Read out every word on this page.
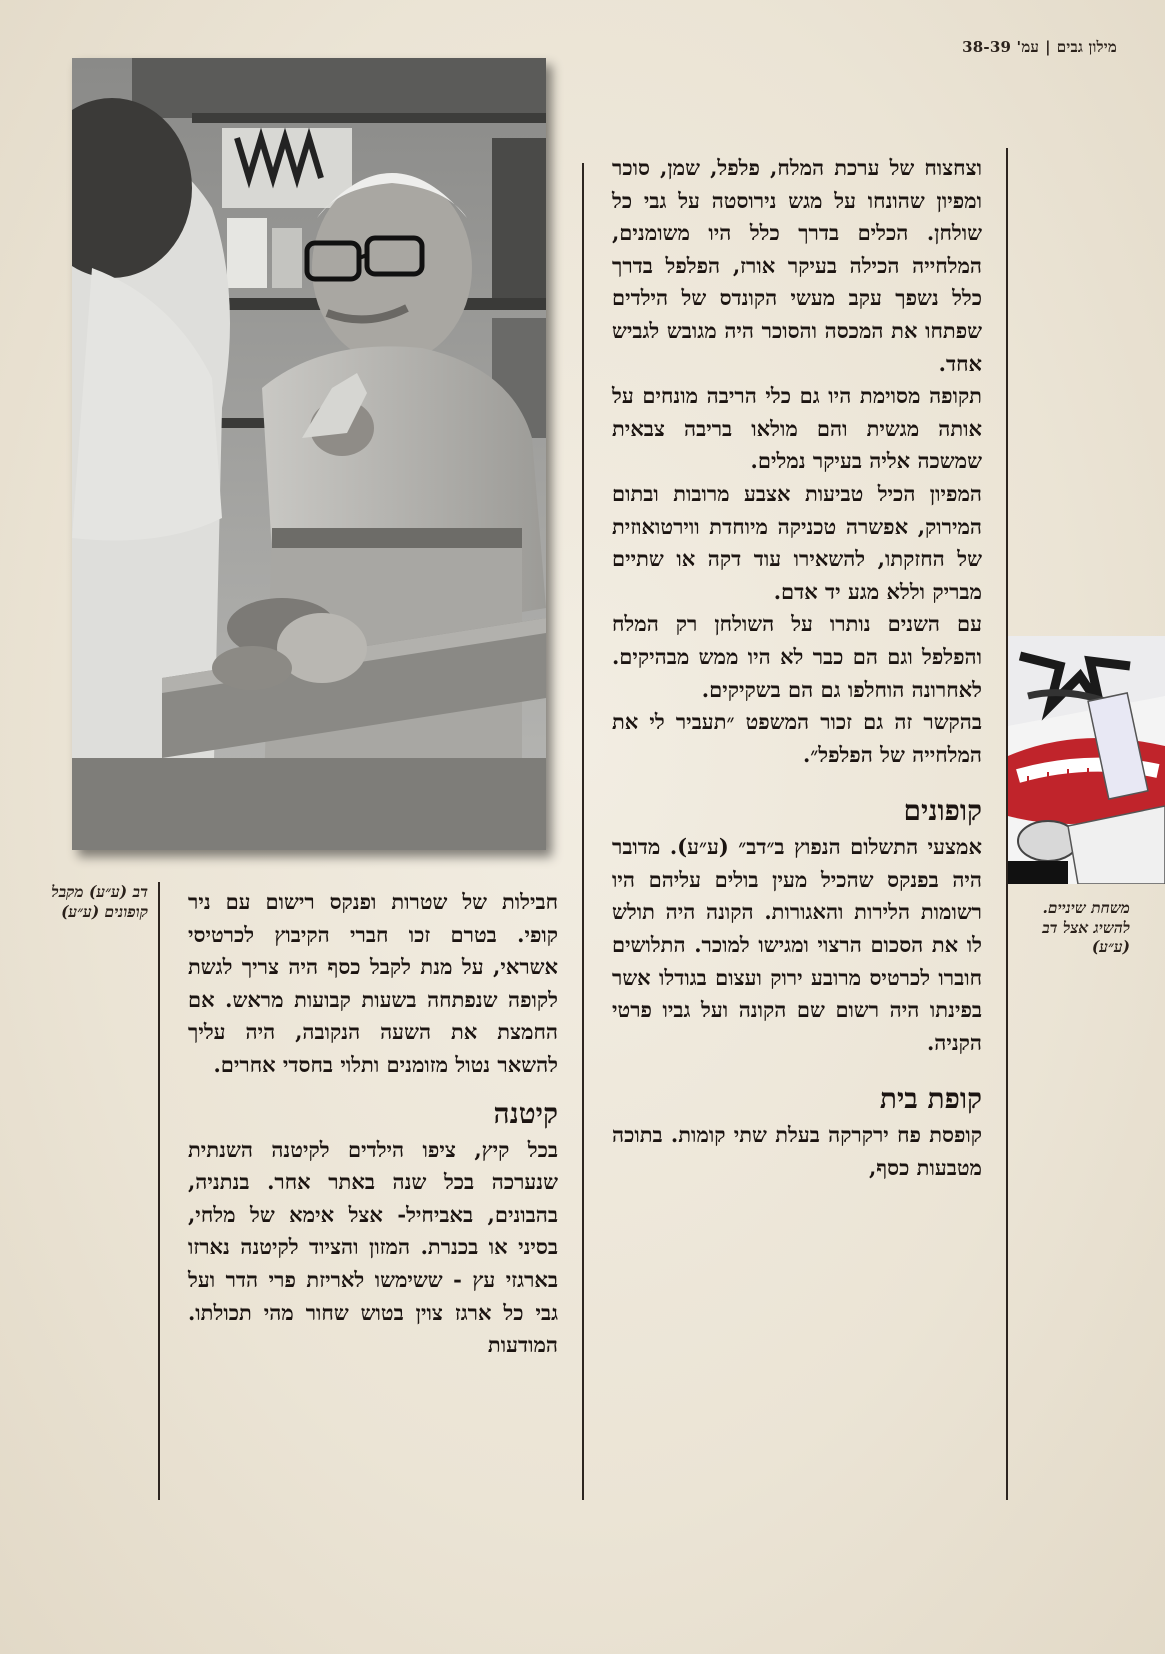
מילון גבים|עמ' 38-39
דב (ע״ע) מקבל קופונים (ע״ע)	משחת שיניים. להשיג אצל דב (ע״ע)

וצחצוח של ערכת המלח, פלפל, שמן, סוכר ומפיון שהונחו על מגש נירוסטה על גבי כל שולחן. הכלים בדרך כלל היו משומנים, המלחייה הכילה בעיקר אורז, הפלפל בדרך כלל נשפך עקב מעשי הקונדס של הילדים שפתחו את המכסה והסוכר היה מגובש לגביש אחד.

תקופה מסוימת היו גם כלי הריבה מונחים על אותה מגשית והם מולאו בריבה צבאית שמשכה אליה בעיקר נמלים.

המפיון הכיל טביעות אצבע מרובות ובתום המירוק, אפשרה טכניקה מיוחדת ווירטואוזית של החזקתו, להשאירו עוד דקה או שתיים מבריק וללא מגע יד אדם.

עם השנים נותרו על השולחן רק המלח והפלפל וגם הם כבר לא היו ממש מבהיקים. לאחרונה הוחלפו גם הם בשקיקים.

בהקשר זה גם זכור המשפט ״תעביר לי את המלחייה של הפלפל״.

קופונים

אמצעי התשלום הנפוץ ב״דב״ (ע״ע). מדובר היה בפנקס שהכיל מעין בולים עליהם היו רשומות הלירות והאגורות. הקונה היה תולש לו את הסכום הרצוי ומגישו למוכר. התלושים חוברו לכרטיס מרובע ירוק ועצום בגודלו אשר בפינתו היה רשום שם הקונה ועל גביו פרטי הקניה.

קופת בית

קופסת פח ירקרקה בעלת שתי קומות. בתוכה מטבעות כסף,

חבילות של שטרות ופנקס רישום עם ניר קופי. בטרם זכו חברי הקיבוץ לכרטיסי אשראי, על מנת לקבל כסף היה צריך לגשת לקופה שנפתחה בשעות קבועות מראש. אם החמצת את השעה הנקובה, היה עליך להשאר נטול מזומנים ותלוי בחסדי אחרים.

קיטנה

בכל קיץ, ציפו הילדים לקיטנה השנתית שנערכה בכל שנה באתר אחר. בנתניה, בהבונים, באביחיל- אצל אימא של מלחי, בסיני או בכנרת. המזון והציוד לקיטנה נארזו בארגזי עץ - ששימשו לאריזת פרי הדר ועל גבי כל ארגז צוין בטוש שחור מהי תכולתו. המודעות
